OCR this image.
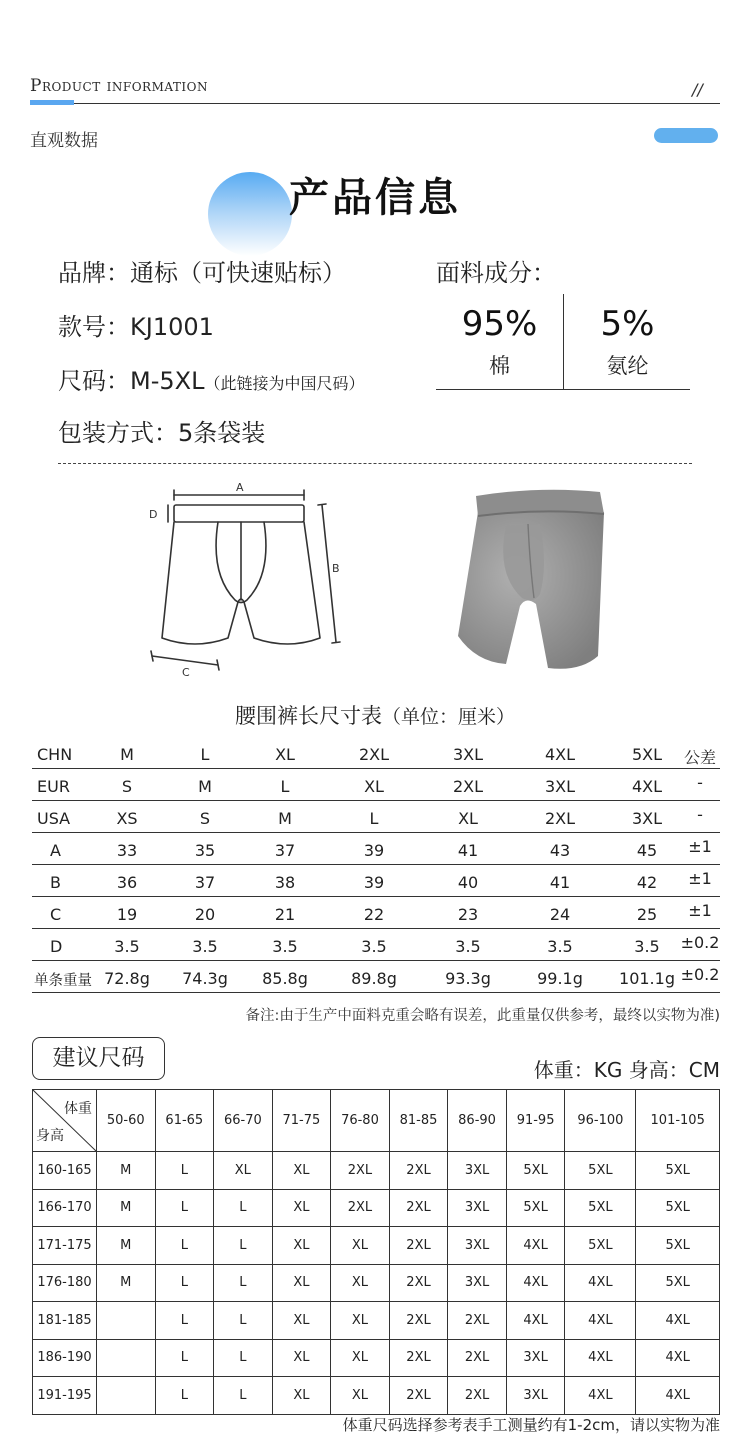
Product information	//
直观数据
产品信息
品牌：通标（可快速贴标）
款号：KJ1001
尺码：M-5XL（此链接为中国尺码）
包装方式：5条袋装
面料成分：
95%	5%
棉	氨纶
A
D
B
C
腰围裤长尺寸表（单位：厘米）
CHN	M	L	XL	2XL	3XL	4XL	5XL 公差
EUR	S	M	L	XL	2XL	3XL	4XL -
USA	XS	S	M	L	XL	2XL	3XL -
A	33	35	37	39	41	43	45 ±1
B	36	37	38	39	40	41	42 ±1
C	19	20	21	22	23	24	25 ±1
D	3.5	3.5	3.5	3.5	3.5	3.5	3.5 ±0.2
单条重量 72.8g 74.3g 85.8g	89.8g	93.3g	99.1g 101.1g ±0.2
备注:由于生产中面料克重会略有误差，此重量仅供参考，最终以实物为准)
建议尺码	体重：KG 身高：CM
体重
身高	50-60	61-65	66-70	71-75	76-80	81-85	86-90	91-95	96-100	101-105
160-165	M	L	XL	XL	2XL	2XL	3XL	5XL	5XL	5XL
166-170	M	L	L	XL	2XL	2XL	3XL	5XL	5XL	5XL
171-175	M	L	L	XL	XL	2XL	3XL	4XL	5XL	5XL
176-180	M	L	L	XL	XL	2XL	3XL	4XL	4XL	5XL
181-185		L	L	XL	XL	2XL	2XL	4XL	4XL	4XL
186-190		L	L	XL	XL	2XL	2XL	3XL	4XL	4XL
191-195		L	L	XL	XL	2XL	2XL	3XL	4XL	4XL
体重尺码选择参考表手工测量约有1-2cm，请以实物为准
